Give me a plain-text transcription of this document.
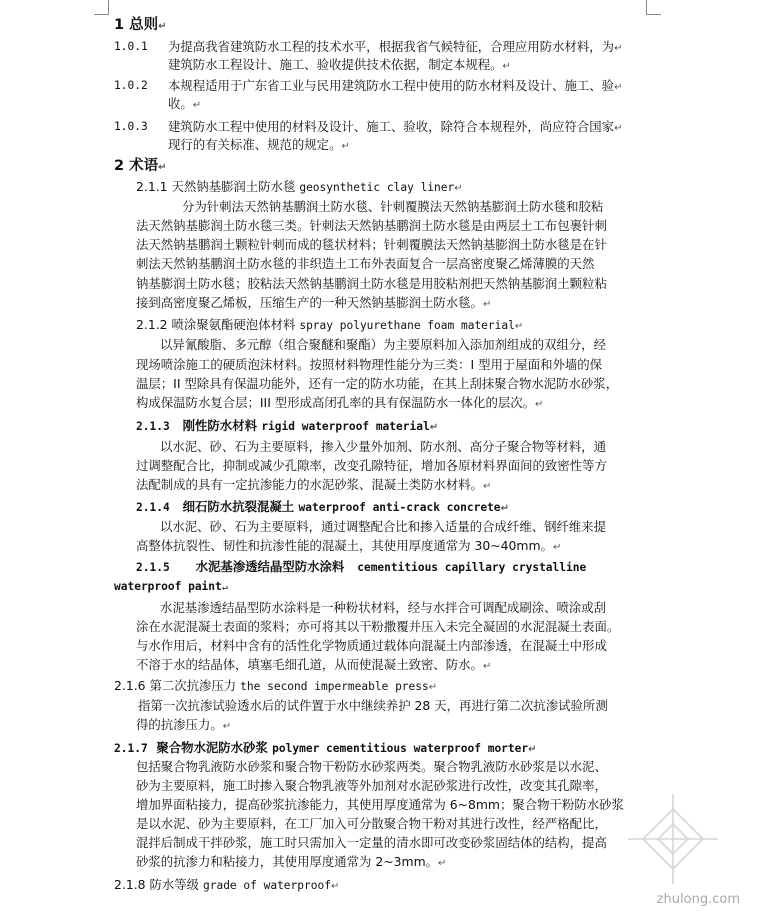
1 总则↵
1.0.1 为提高我省建筑防水工程的技术水平，根据我省气候特征，合理应用防水材料，为↵
建筑防水工程设计、施工、验收提供技术依据，制定本规程。↵
1.0.2 本规程适用于广东省工业与民用建筑防水工程中使用的防水材料及设计、施工、验↵
收。↵
1.0.3 建筑防水工程中使用的材料及设计、施工、验收，除符合本规程外，尚应符合国家↵
现行的有关标准、规范的规定。↵
2 术语↵
2.1.1 天然钠基膨润土防水毯 geosynthetic clay liner↵
分为针刺法天然钠基鹏润土防水毯、针刺覆膜法天然钠基膨润土防水毯和胶粘
法天然钠基膨润土防水毯三类。针刺法天然钠基鹏润土防水毯是由两层土工布包裹针刺
法天然钠基鹏润土颗粒针刺而成的毯状材料；针刺覆膜法天然钠基膨润土防水毯是在针
刺法天然钠基鹏润土防水毯的非织造土工布外表面复合一层高密度聚乙烯薄膜的天然
钠基膨润土防水毯；胶粘法天然钠基鹏润土防水毯是用胶粘剂把天然钠基膨润土颗粒粘
接到高密度聚乙烯板，压缩生产的一种天然钠基膨润土防水毯。↵
2.1.2 喷涂聚氨酯硬泡体材料 spray polyurethane foam material↵
以异氰酸脂、多元醇（组合聚醚和聚酯）为主要原料加入添加剂组成的双组分，经
现场喷涂施工的硬质泡沫材料。按照材料物理性能分为三类：I 型用于屋面和外墙的保
温层；II 型除具有保温功能外，还有一定的防水功能，在其上刮抹聚合物水泥防水砂浆，
构成保温防水复合层；III 型形成高闭孔率的具有保温防水一体化的层次。↵
2.1.3 刚性防水材料 rigid waterproof material↵
以水泥、砂、石为主要原料，掺入少量外加剂、防水剂、高分子聚合物等材料，通
过调整配合比，抑制或减少孔隙率，改变孔隙特征，增加各原材料界面间的致密性等方
法配制成的具有一定抗渗能力的水泥砂浆、混凝土类防水材料。↵
2.1.4 细石防水抗裂混凝土 waterproof anti-crack concrete↵
以水泥、砂、石为主要原料，通过调整配合比和掺入适量的合成纤维、钢纤维来提
高整体抗裂性、韧性和抗渗性能的混凝土，其使用厚度通常为 30~40mm。↵
2.1.5 水泥基渗透结晶型防水涂料 cementitious capillary crystalline
waterproof paint↵
水泥基渗透结晶型防水涂料是一种粉状材料，经与水拌合可调配成刷涂、喷涂或刮
涂在水泥混凝土表面的浆料；亦可将其以干粉撒覆并压入未完全凝固的水泥混凝土表面。
与水作用后，材料中含有的活性化学物质通过载体向混凝土内部渗透，在混凝土中形成
不溶于水的结晶体，填塞毛细孔道，从而使混凝土致密、防水。↵
2.1.6 第二次抗渗压力 the second impermeable press↵
指第一次抗渗试验透水后的试件置于水中继续养护 28 天，再进行第二次抗渗试验所测
得的抗渗压力。↵
2.1.7 聚合物水泥防水砂浆 polymer cementitious waterproof morter↵
包括聚合物乳液防水砂浆和聚合物干粉防水砂浆两类。聚合物乳液防水砂浆是以水泥、
砂为主要原料，施工时掺入聚合物乳液等外加剂对水泥砂浆进行改性，改变其孔隙率，
增加界面粘接力，提高砂浆抗渗能力，其使用厚度通常为 6~8mm；聚合物干粉防水砂浆
是以水泥、砂为主要原料，在工厂加入可分散聚合物干粉对其进行改性，经严格配比，
混拌后制成干拌砂浆，施工时只需加入一定量的清水即可改变砂浆固结体的结构，提高
砂浆的抗渗力和粘接力，其使用厚度通常为 2~3mm。↵
2.1.8 防水等级 grade of waterproof↵
zhulong.com
